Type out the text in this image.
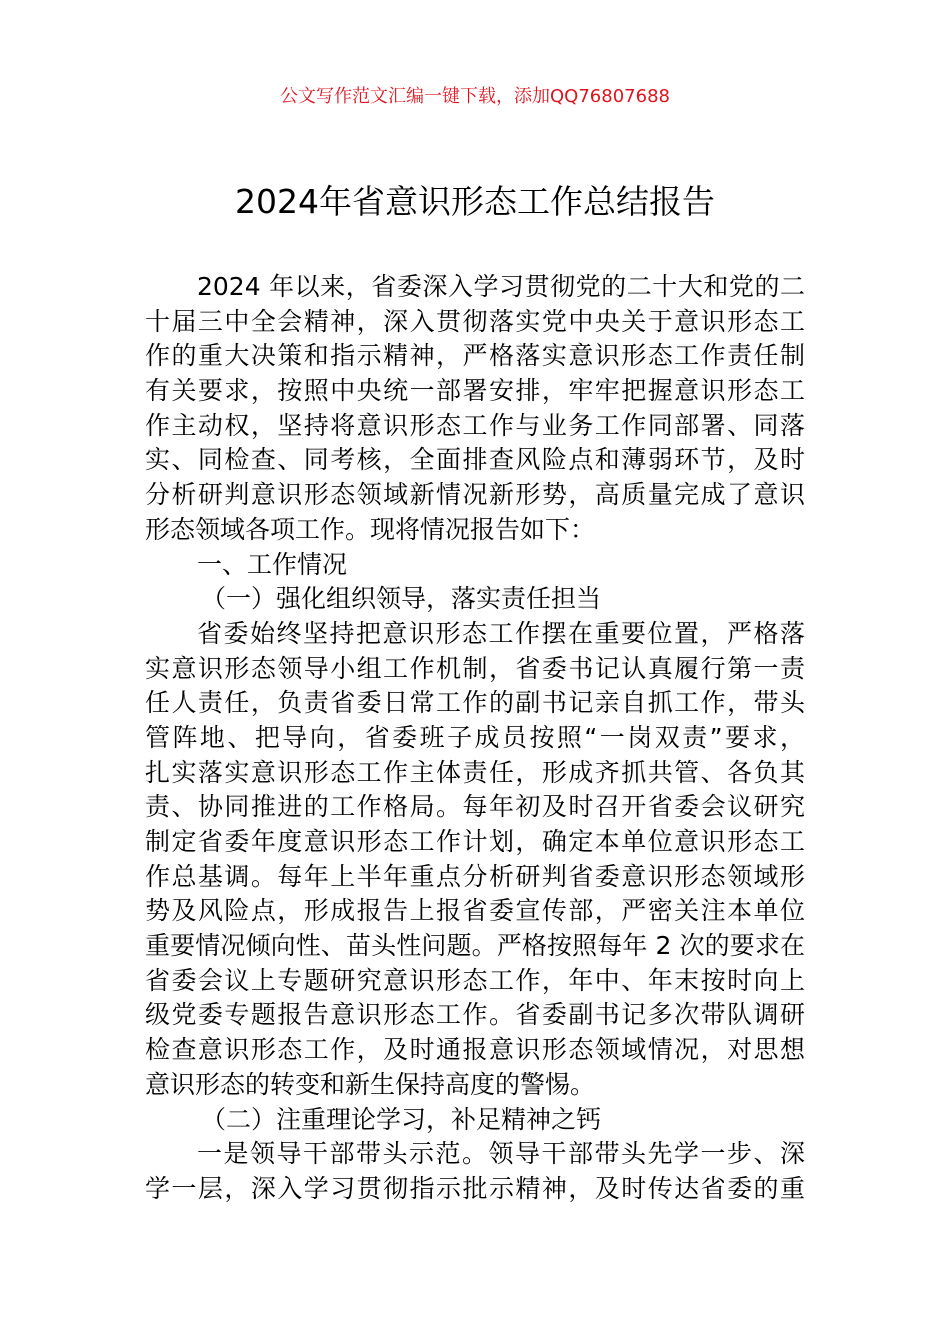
公文写作范文汇编一键下载，添加QQ76807688
2024年省意识形态工作总结报告
2024 年以来，省委深入学习贯彻党的二十大和党的二
十届三中全会精神，深入贯彻落实党中央关于意识形态工
作的重大决策和指示精神，严格落实意识形态工作责任制
有关要求，按照中央统一部署安排，牢牢把握意识形态工
作主动权，坚持将意识形态工作与业务工作同部署、同落
实、同检查、同考核，全面排查风险点和薄弱环节，及时
分析研判意识形态领域新情况新形势，高质量完成了意识
形态领域各项工作。现将情况报告如下：
一、工作情况
（一）强化组织领导，落实责任担当
省委始终坚持把意识形态工作摆在重要位置，严格落
实意识形态领导小组工作机制，省委书记认真履行第一责
任人责任，负责省委日常工作的副书记亲自抓工作，带头
管阵地、把导向，省委班子成员按照“一岗双责”要求，
扎实落实意识形态工作主体责任，形成齐抓共管、各负其
责、协同推进的工作格局。每年初及时召开省委会议研究
制定省委年度意识形态工作计划，确定本单位意识形态工
作总基调。每年上半年重点分析研判省委意识形态领域形
势及风险点，形成报告上报省委宣传部，严密关注本单位
重要情况倾向性、苗头性问题。严格按照每年 2 次的要求在
省委会议上专题研究意识形态工作，年中、年末按时向上
级党委专题报告意识形态工作。省委副书记多次带队调研
检查意识形态工作，及时通报意识形态领域情况，对思想
意识形态的转变和新生保持高度的警惕。
（二）注重理论学习，补足精神之钙
一是领导干部带头示范。领导干部带头先学一步、深
学一层，深入学习贯彻指示批示精神，及时传达省委的重
